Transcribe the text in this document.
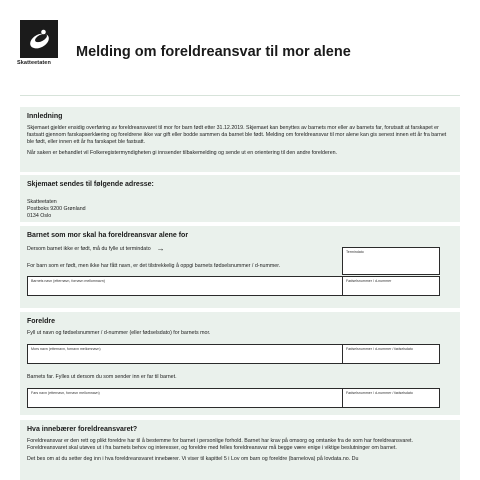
Skatteetaten
Melding om foreldreansvar til mor alene
Innledning

Skjemaet gjelder ensidig overføring av foreldreansvaret til mor for barn født etter 31.12.2019. Skjemaet kan benyttes av barnets mor eller av barnets far, forutsatt at farskapet er fastsatt gjennom farskapserklæring og foreldrene ikke var gift eller bodde sammen da barnet ble født. Melding om foreldreansvar til mor alene kan gis senest innen ett år fra barnet ble født, eller innen ett år fra farskapet ble fastsatt.

Når saken er behandlet vil Folkeregistermyndigheten gi innsender tilbakemelding og sende ut en orientering til den andre forelderen.

Skjemaet sendes til følgende adresse:

Skatteetaten

Postboks 9200 Grønland

0134 Oslo

Barnet som mor skal ha foreldreansvar alene for
Dersom barnet ikke er født, må du fylle ut termindato →
For barn som er født, men ikke har fått navn, er det tilstrekkelig å oppgi barnets fødselsnummer / d-nummer.
Termindato
Barnets navn (etternavn, fornavn mellomnavn)	Fødselsnummer / d-nummer
Foreldre
Fyll ut navn og fødselsnummer / d-nummer (eller fødselsdato) for barnets mor.
Mors navn (etternavn, fornavn mellomnavn)	Fødselsnummer / d-nummer / fødselsdato
Barnets far. Fylles ut dersom du som sender inn er far til barnet.
Fars navn (etternavn, fornavn mellomnavn)	Fødselsnummer / d-nummer / fødselsdato
Hva innebærer foreldreansvaret?

Foreldreansvar er den rett og plikt foreldre har til å bestemme for barnet i personlige forhold. Barnet har krav på omsorg og omtanke fra de som har foreldreansvaret. Foreldreansvaret skal utøves ut i fra barnets behov og interesser, og foreldre med felles foreldreansvar må begge være enige i viktige beslutninger om barnet.

Det bes om at du setter deg inn i hva foreldreansvaret innebærer. Vi viser til kapittel 5 i Lov om barn og foreldre (barnelova) på lovdata.no. Du
